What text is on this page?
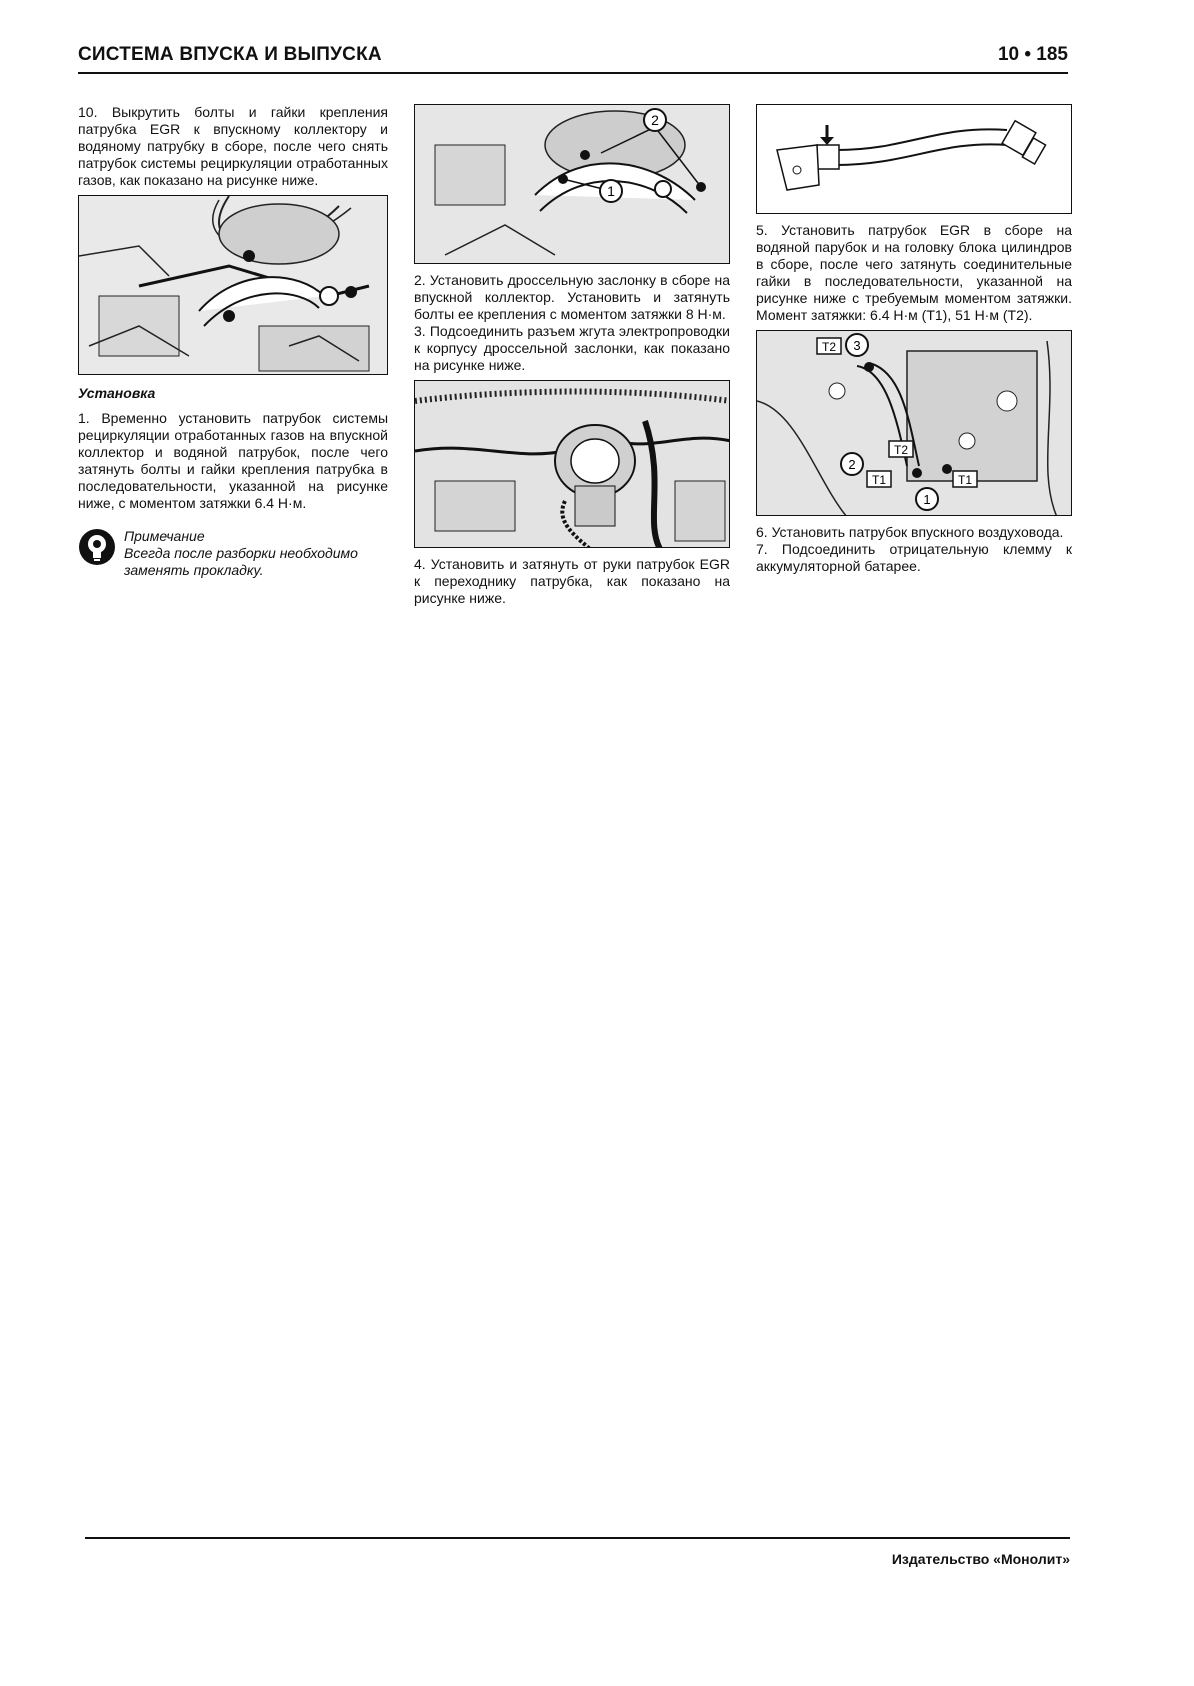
СИСТЕМА ВПУСКА И ВЫПУСКА	10 • 185

10. Выкрутить болты и гайки крепления патрубка EGR к впускному коллектору и водяному патрубку в сборе, после чего снять патрубок системы рециркуляции отработанных газов, как показано на рисунке ниже.

Установка

1. Временно установить патрубок системы рециркуляции отработанных газов на впускной коллектор и водяной патрубок, после чего затянуть болты и гайки крепления патрубка в последовательности, указанной на рисунке ниже, с моментом затяжки 6.4 Н·м.

Примечание
Всегда после разборки необходимо заменять прокладку.
2
1

2. Установить дроссельную заслонку в сборе на впускной коллектор. Установить и затянуть болты ее крепления с моментом затяжки 8 Н·м.

3. Подсоединить разъем жгута электропроводки к корпусу дроссельной заслонки, как показано на рисунке ниже.

4. Установить и затянуть от руки патрубок EGR к переходнику патрубка, как показано на рисунке ниже.

5. Установить патрубок EGR в сборе на водяной парубок и на головку блока цилиндров в сборе, после чего затянуть соединительные гайки в последовательности, указанной на рисунке ниже с требуемым моментом затяжки. Момент затяжки: 6.4 Н·м (T1), 51 Н·м (T2).

T2 3
T2
2
T1	T1
1

6. Установить патрубок впускного воздуховода.

7. Подсоединить отрицательную клемму к аккумуляторной батарее.

Издательство «Монолит»
